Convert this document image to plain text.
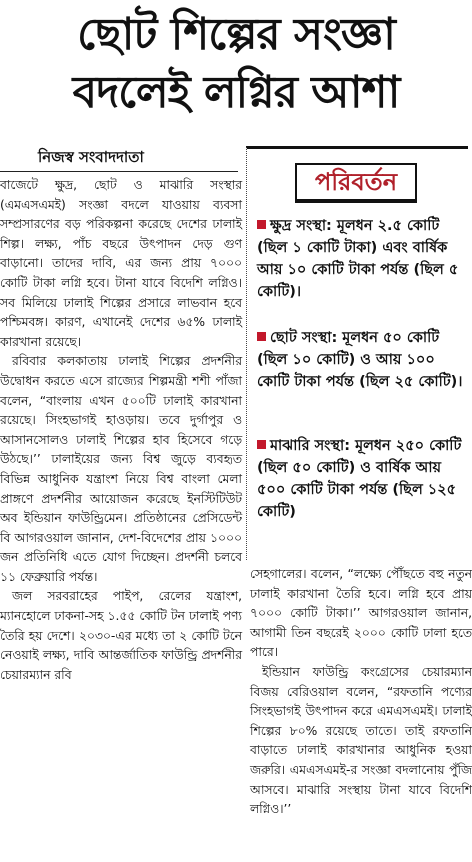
ছোট শিল্পের সংজ্ঞা
বদলেই লগ্নির আশা
নিজস্ব সংবাদদাতা

বাজেটে ক্ষুদ্র, ছোট ও মাঝারি সংস্থার (এমএসএমই) সংজ্ঞা বদলে যাওয়ায় ব্যবসা সম্প্রসারণের বড় পরিকল্পনা করেছে দেশের ঢালাই শিল্প। লক্ষ্য, পাঁচ বছরে উৎপাদন দেড় গুণ বাড়ানো। তাদের দাবি, এর জন্য প্রায় ৭০০০ কোটি টাকা লগ্নি হবে। টানা যাবে বিদেশি লগ্নিও। সব মিলিয়ে ঢালাই শিল্পের প্রসারে লাভবান হবে পশ্চিমবঙ্গ। কারণ, এখানেই দেশের ৬৫% ঢালাই কারখানা রয়েছে।

রবিবার কলকাতায় ঢালাই শিল্পের প্রদর্শনীর উদ্বোধন করতে এসে রাজ্যের শিল্পমন্ত্রী শশী পাঁজা বলেন, “বাংলায় এখন ৫০০টি ঢালাই কারখানা রয়েছে। সিংহভাগই হাওড়ায়। তবে দুর্গাপুর ও আসানসোলও ঢালাই শিল্পের হাব হিসেবে গড়ে উঠছে।’’ ঢালাইয়ের জন্য বিশ্ব জুড়ে ব্যবহৃত বিভিন্ন আধুনিক যন্ত্রাংশ নিয়ে বিশ্ব বাংলা মেলা প্রাঙ্গণে প্রদর্শনীর আয়োজন করেছে ইনস্টিটিউট অব ইন্ডিয়ান ফাউন্ড্রিমেন। প্রতিষ্ঠানের প্রেসিডেন্ট বি আগরওয়াল জানান, দেশ-বিদেশের প্রায় ১০০০ জন প্রতিনিধি এতে যোগ দিচ্ছেন। প্রদর্শনী চলবে ১১ ফেব্রুয়ারি পর্যন্ত।

জল সরবরাহের পাইপ, রেলের যন্ত্রাংশ, ম্যানহোলে ঢাকনা-সহ ১.৫৫ কোটি টন ঢালাই পণ্য তৈরি হয় দেশে। ২০৩০-এর মধ্যে তা ২ কোটি টনে নেওয়াই লক্ষ্য, দাবি আন্তর্জাতিক ফাউন্ড্রি প্রদর্শনীর চেয়ারম্যান রবি

পরিবর্তন
ক্ষুদ্র সংস্থা: মূলধন ২.৫ কোটি (ছিল ১ কোটি টাকা) এবং বার্ষিক আয় ১০ কোটি টাকা পর্যন্ত (ছিল ৫ কোটি)।
ছোট সংস্থা: মূলধন ৫০ কোটি (ছিল ১০ কোটি) ও আয় ১০০ কোটি টাকা পর্যন্ত (ছিল ২৫ কোটি)।
মাঝারি সংস্থা: মূলধন ২৫০ কোটি (ছিল ৫০ কোটি) ও বার্ষিক আয় ৫০০ কোটি টাকা পর্যন্ত (ছিল ১২৫ কোটি)

সেহগালের। বলেন, “লক্ষ্যে পৌঁছতে বহু নতুন ঢালাই কারখানা তৈরি হবে। লগ্নি হবে প্রায় ৭০০০ কোটি টাকা।’’ আগরওয়াল জানান, আগামী তিন বছরেই ২০০০ কোটি ঢালা হতে পারে।

ইন্ডিয়ান ফাউন্ড্রি কংগ্রেসের চেয়ারম্যান বিজয় বেরিওয়াল বলেন, “রফতানি পণ্যের সিংহভাগই উৎপাদন করে এমএসএমই। ঢালাই শিল্পের ৮০% রয়েছে তাতে। তাই রফতানি বাড়াতে ঢালাই কারখানার আধুনিক হওয়া জরুরি। এমএসএমই-র সংজ্ঞা বদলানোয় পুঁজি আসবে। মাঝারি সংস্থায় টানা যাবে বিদেশি লগ্নিও।’’
